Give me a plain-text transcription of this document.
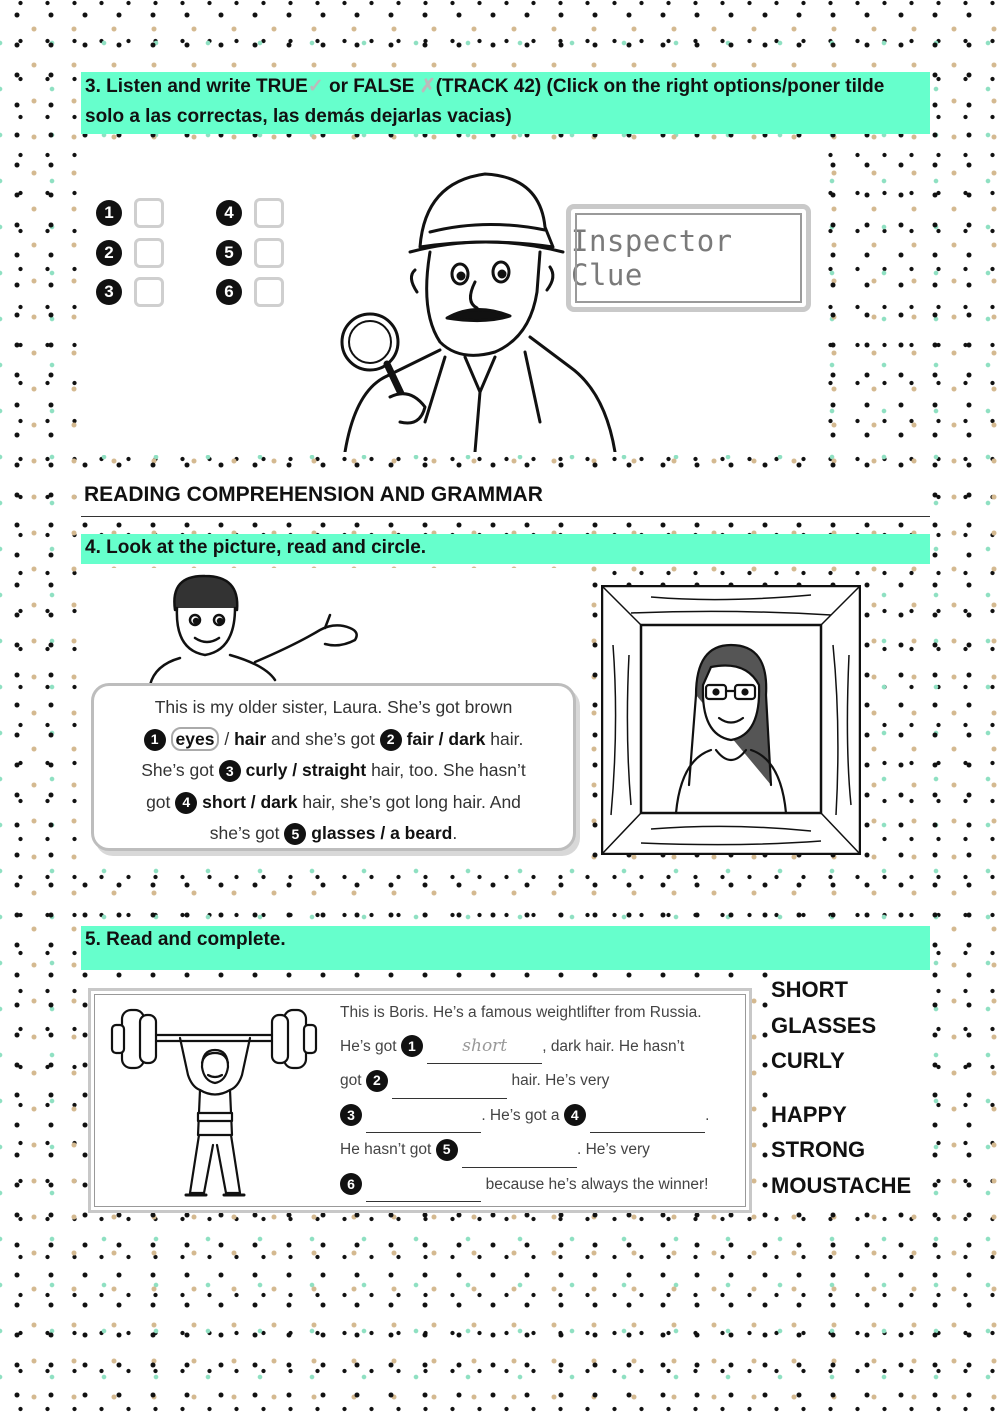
3. Listen and write TRUE✓ or FALSE ✗(TRACK 42) (Click on the right options/poner tilde solo a las correctas, las demás dejarlas vacias)
1
2
3
4
5
6
Inspector Clue
READING COMPREHENSION AND GRAMMAR
4. Look at the picture, read and circle.
This is my older sister, Laura. She’s got brown
1 eyes / hair and she’s got 2 fair / dark hair.
She’s got 3 curly / straight hair, too. She hasn’t
got 4 short / dark hair, she’s got long hair. And
she’s got 5 glasses / a beard.
5. Read and complete.
This is Boris. He’s a famous weightlifter from Russia.
He’s got 1	short , dark hair. He hasn’t
got 2	hair. He’s very
3	. He’s got a 4	.
He hasn’t got 5	. He’s very
6	because he’s always the winner!
SHORT
GLASSES
CURLY
HAPPY
STRONG
MOUSTACHE
